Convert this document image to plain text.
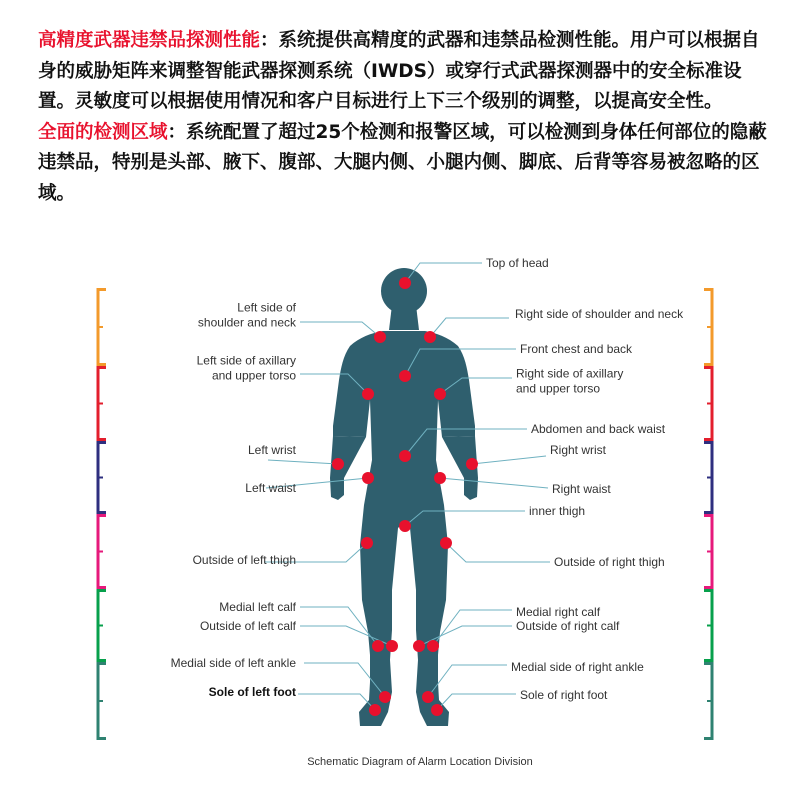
高精度武器违禁品探测性能：系统提供高精度的武器和违禁品检测性能。用户可以根据自身的威胁矩阵来调整智能武器探测系统（IWDS）或穿行式武器探测器中的安全标准设置。灵敏度可以根据使用情况和客户目标进行上下三个级别的调整，以提高安全性。

全面的检测区域：系统配置了超过25个检测和报警区域，可以检测到身体任何部位的隐蔽违禁品，特别是头部、腋下、腹部、大腿内侧、小腿内侧、脚底、后背等容易被忽略的区域。

Left side of
shoulder and neck
Left side of axillary
and upper torso
Left wrist
Left waist
Outside of left thigh
Medial left calf
Outside of left calf
Medial side of left ankle
Sole of left foot
Top of head
Right side of shoulder and neck
Front chest and back
Right side of axillary
and upper torso
Abdomen and back waist
Right wrist
Right waist
inner thigh
Outside of right thigh
Medial right calf
Outside of right calf
Medial side of right ankle
Sole of right foot
Schematic Diagram of Alarm Location Division
